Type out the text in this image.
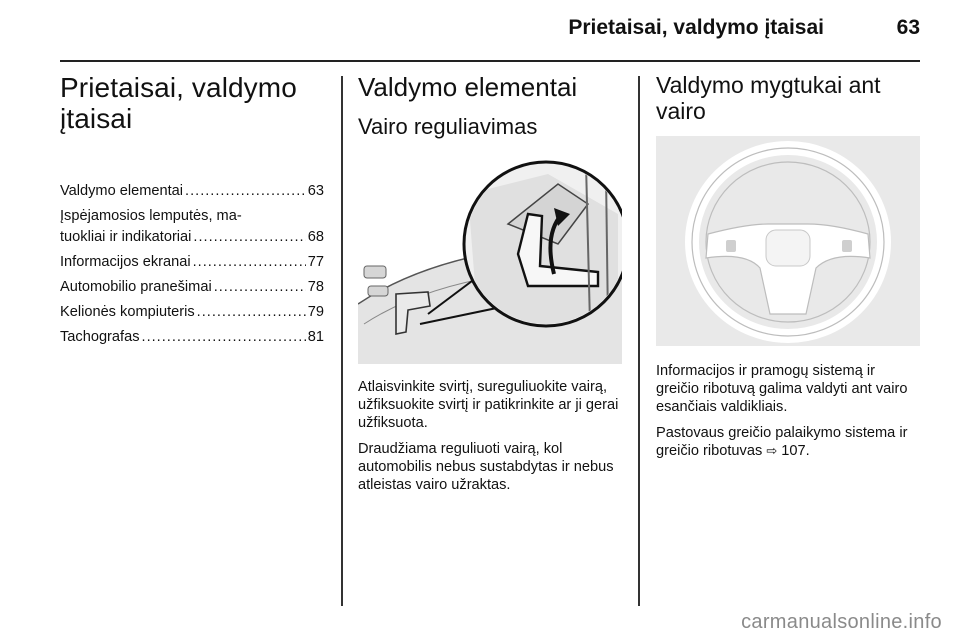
Prietaisai, valdymo įtaisai	63
Prietaisai, valdymo įtaisai
Valdymo elementai .....	63
Įspėjamosios lemputės, ma-
tuokliai ir indikatoriai .....	68
Informacijos ekranai .....	77
Automobilio pranešimai .....	78
Kelionės kompiuteris .....	79
Tachografas .....	81
Valdymo elementai
Vairo reguliavimas

Atlaisvinkite svirtį, sureguliuokite vairą, užfiksuokite svirtį ir patikrinkite ar ji gerai užfiksuota.

Draudžiama reguliuoti vairą, kol automobilis nebus sustabdytas ir nebus atleistas vairo užraktas.

Valdymo mygtukai ant vairo

Informacijos ir pramogų sistemą ir greičio ribotuvą galima valdyti ant vairo esančiais valdikliais.

Pastovaus greičio palaikymo sistema ir greičio ribotuvas ⇨ 107.

carmanualsonline.info
